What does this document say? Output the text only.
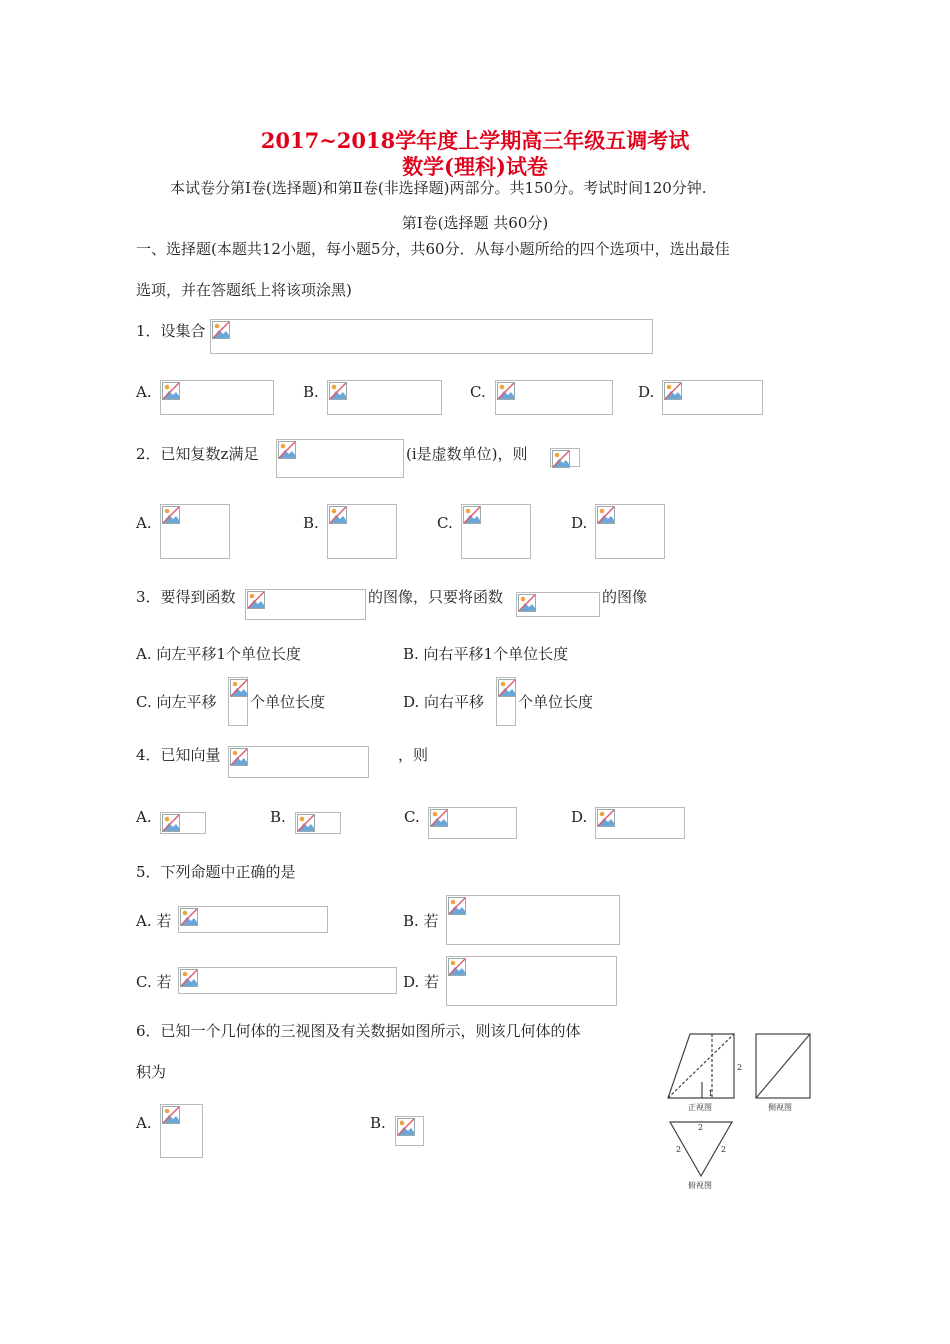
2017~2018学年度上学期高三年级五调考试
数学(理科)试卷
本试卷分第Ⅰ卷(选择题)和第Ⅱ卷(非选择题)两部分。共150分。考试时间120分钟.
第Ⅰ卷(选择题 共60分)
一、选择题(本题共12小题，每小题5分，共60分．从每小题所给的四个选项中，选出最佳
选项，并在答题纸上将该项涂黑)
1．设集合
A.	B.	C.	D.
2．已知复数z满足	(i是虚数单位)，则
A.	B.	C.	D.
3．要得到函数	的图像，只要将函数	的图像
A. 向左平移1个单位长度	B. 向右平移1个单位长度
C. 向左平移 个单位长度	D. 向右平移 个单位长度
4．已知向量	，则
A.	B.	C.	D.
5．下列命题中正确的是
A. 若	B. 若
C. 若	D. 若
6．已知一个几何体的三视图及有关数据如图所示，则该几何体的体
积为
A.	B.
1
2
正视图	侧视图
2
2	2
俯视图
